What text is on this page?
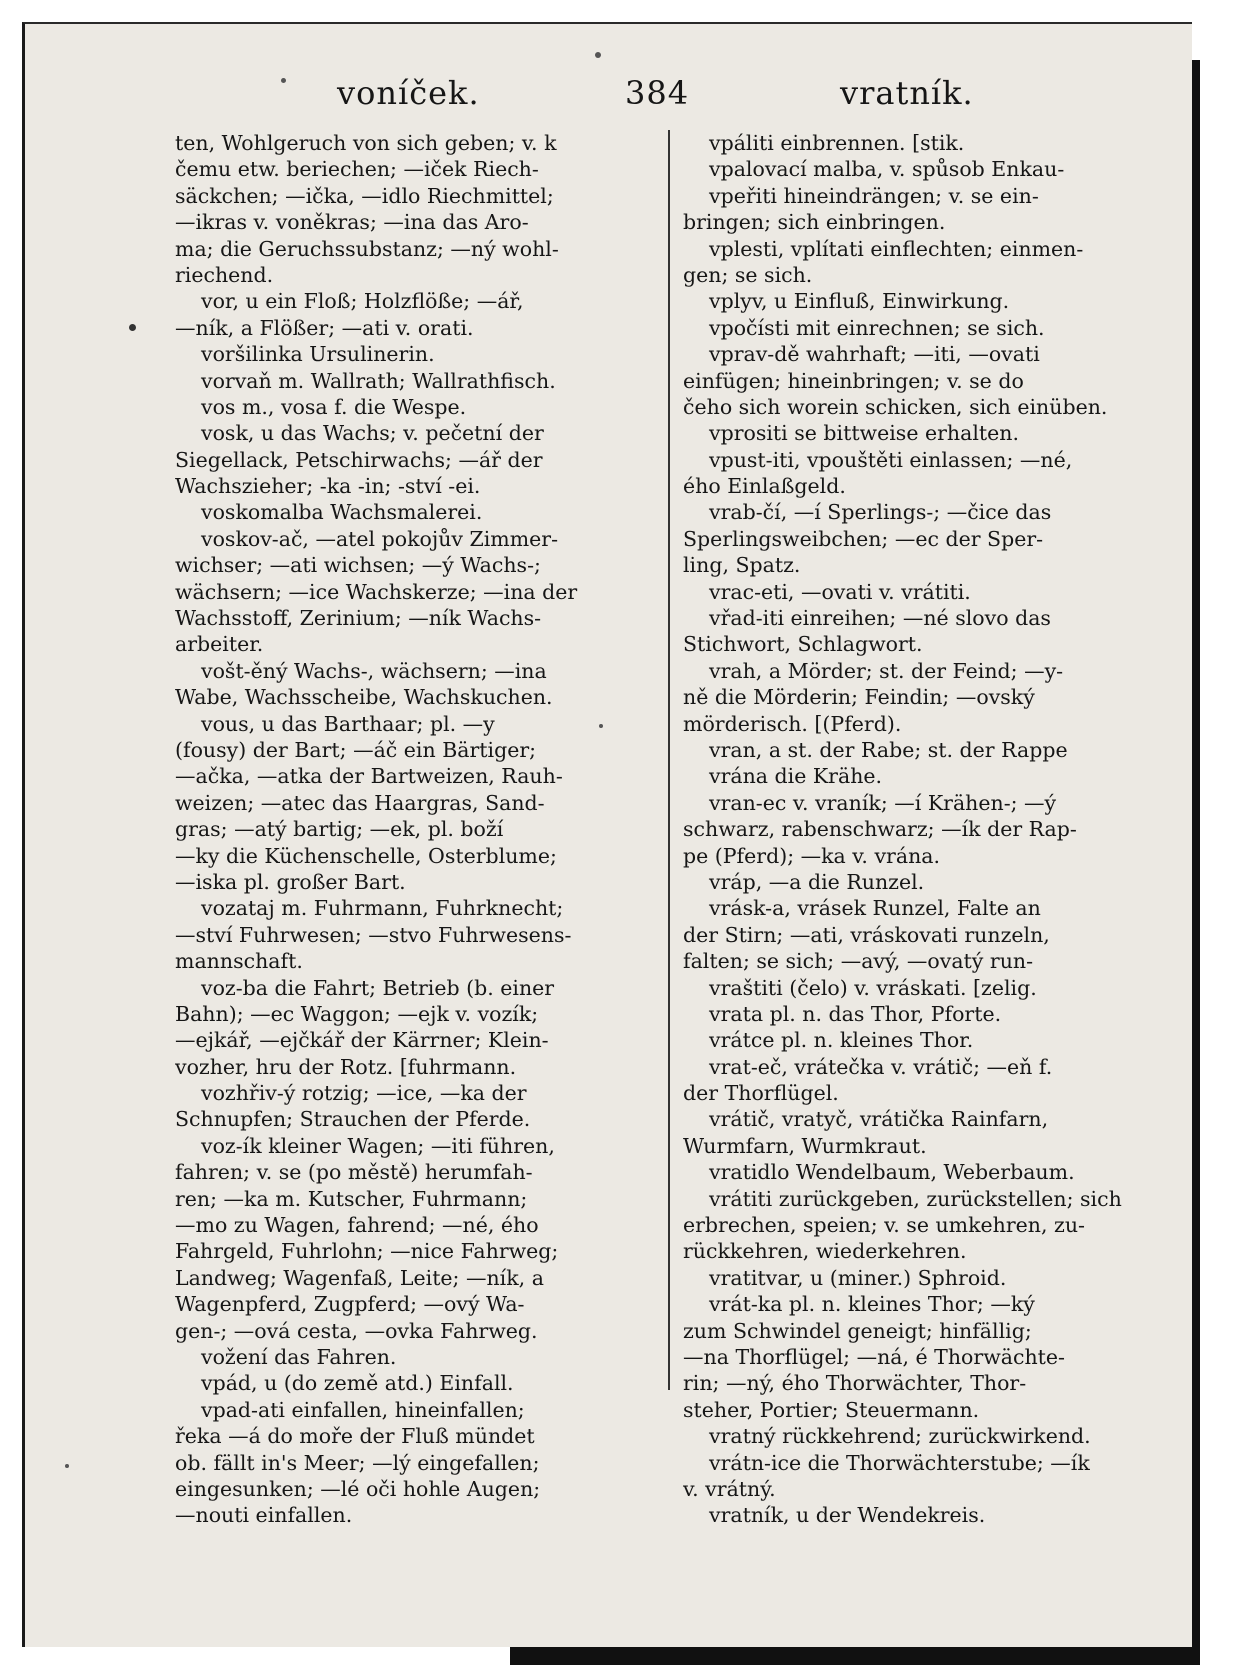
voníček.	384	vratník.
ten, Wohlgeruch von sich geben; v. k
čemu etw. beriechen; —iček Riech-
säckchen; —ička, —idlo Riechmittel;
—ikras v. voněkras; —ina das Aro-
ma; die Geruchssubstanz; —ný wohl-
riechend.
vor, u ein Floß; Holzflöße; —ář,
—ník, a Flößer; —ati v. orati.
voršilinka Ursulinerin.
vorvaň m. Wallrath; Wallrathfisch.
vos m., vosa f. die Wespe.
vosk, u das Wachs; v. pečetní der
Siegellack, Petschirwachs; —ář der
Wachszieher; -ka -in; -ství -ei.
voskomalba Wachsmalerei.
voskov-ač, —atel pokojův Zimmer-
wichser; —ati wichsen; —ý Wachs-;
wächsern; —ice Wachskerze; —ina der
Wachsstoff, Zerinium; —ník Wachs-
arbeiter.
vošt-ěný Wachs-, wächsern; —ina
Wabe, Wachsscheibe, Wachskuchen.
vous, u das Barthaar; pl. —y
(fousy) der Bart; —áč ein Bärtiger;
—ačka, —atka der Bartweizen, Rauh-
weizen; —atec das Haargras, Sand-
gras; —atý bartig; —ek, pl. boží
—ky die Küchenschelle, Osterblume;
—iska pl. großer Bart.
vozataj m. Fuhrmann, Fuhrknecht;
—ství Fuhrwesen; —stvo Fuhrwesens-
mannschaft.
voz-ba die Fahrt; Betrieb (b. einer
Bahn); —ec Waggon; —ejk v. vozík;
—ejkář, —ejčkář der Kärrner; Klein-
vozher, hru der Rotz. [fuhrmann.
vozhřiv-ý rotzig; —ice, —ka der
Schnupfen; Strauchen der Pferde.
voz-ík kleiner Wagen; —iti führen,
fahren; v. se (po městě) herumfah-
ren; —ka m. Kutscher, Fuhrmann;
—mo zu Wagen, fahrend; —né, ého
Fahrgeld, Fuhrlohn; —nice Fahrweg;
Landweg; Wagenfaß, Leite; —ník, a
Wagenpferd, Zugpferd; —ový Wa-
gen-; —ová cesta, —ovka Fahrweg.
vožení das Fahren.
vpád, u (do země atd.) Einfall.
vpad-ati einfallen, hineinfallen;
řeka —á do moře der Fluß mündet
ob. fällt in's Meer; —lý eingefallen;
eingesunken; —lé oči hohle Augen;
—nouti einfallen.
vpáliti einbrennen. [stik.
vpalovací malba, v. spůsob Enkau-
vpeřiti hineindrängen; v. se ein-
bringen; sich einbringen.
vplesti, vplítati einflechten; einmen-
gen; se sich.
vplyv, u Einfluß, Einwirkung.
vpočísti mit einrechnen; se sich.
vprav-dě wahrhaft; —iti, —ovati
einfügen; hineinbringen; v. se do
čeho sich worein schicken, sich einüben.
vprositi se bittweise erhalten.
vpust-iti, vpouštěti einlassen; —né,
ého Einlaßgeld.
vrab-čí, —í Sperlings-; —čice das
Sperlingsweibchen; —ec der Sper-
ling, Spatz.
vrac-eti, —ovati v. vrátiti.
vřad-iti einreihen; —né slovo das
Stichwort, Schlagwort.
vrah, a Mörder; st. der Feind; —y-
ně die Mörderin; Feindin; —ovský
mörderisch. [(Pferd).
vran, a st. der Rabe; st. der Rappe
vrána die Krähe.
vran-ec v. vraník; —í Krähen-; —ý
schwarz, rabenschwarz; —ík der Rap-
pe (Pferd); —ka v. vrána.
vráp, —a die Runzel.
vrásk-a, vrásek Runzel, Falte an
der Stirn; —ati, vráskovati runzeln,
falten; se sich; —avý, —ovatý run-
vraštiti (čelo) v. vráskati. [zelig.
vrata pl. n. das Thor, Pforte.
vrátce pl. n. kleines Thor.
vrat-eč, vrátečka v. vrátič; —eň f.
der Thorflügel.
vrátič, vratyč, vrátička Rainfarn,
Wurmfarn, Wurmkraut.
vratidlo Wendelbaum, Weberbaum.
vrátiti zurückgeben, zurückstellen; sich
erbrechen, speien; v. se umkehren, zu-
rückkehren, wiederkehren.
vratitvar, u (miner.) Sphroid.
vrát-ka pl. n. kleines Thor; —ký
zum Schwindel geneigt; hinfällig;
—na Thorflügel; —ná, é Thorwächte-
rin; —ný, ého Thorwächter, Thor-
steher, Portier; Steuermann.
vratný rückkehrend; zurückwirkend.
vrátn-ice die Thorwächterstube; —ík
v. vrátný.
vratník, u der Wendekreis.
